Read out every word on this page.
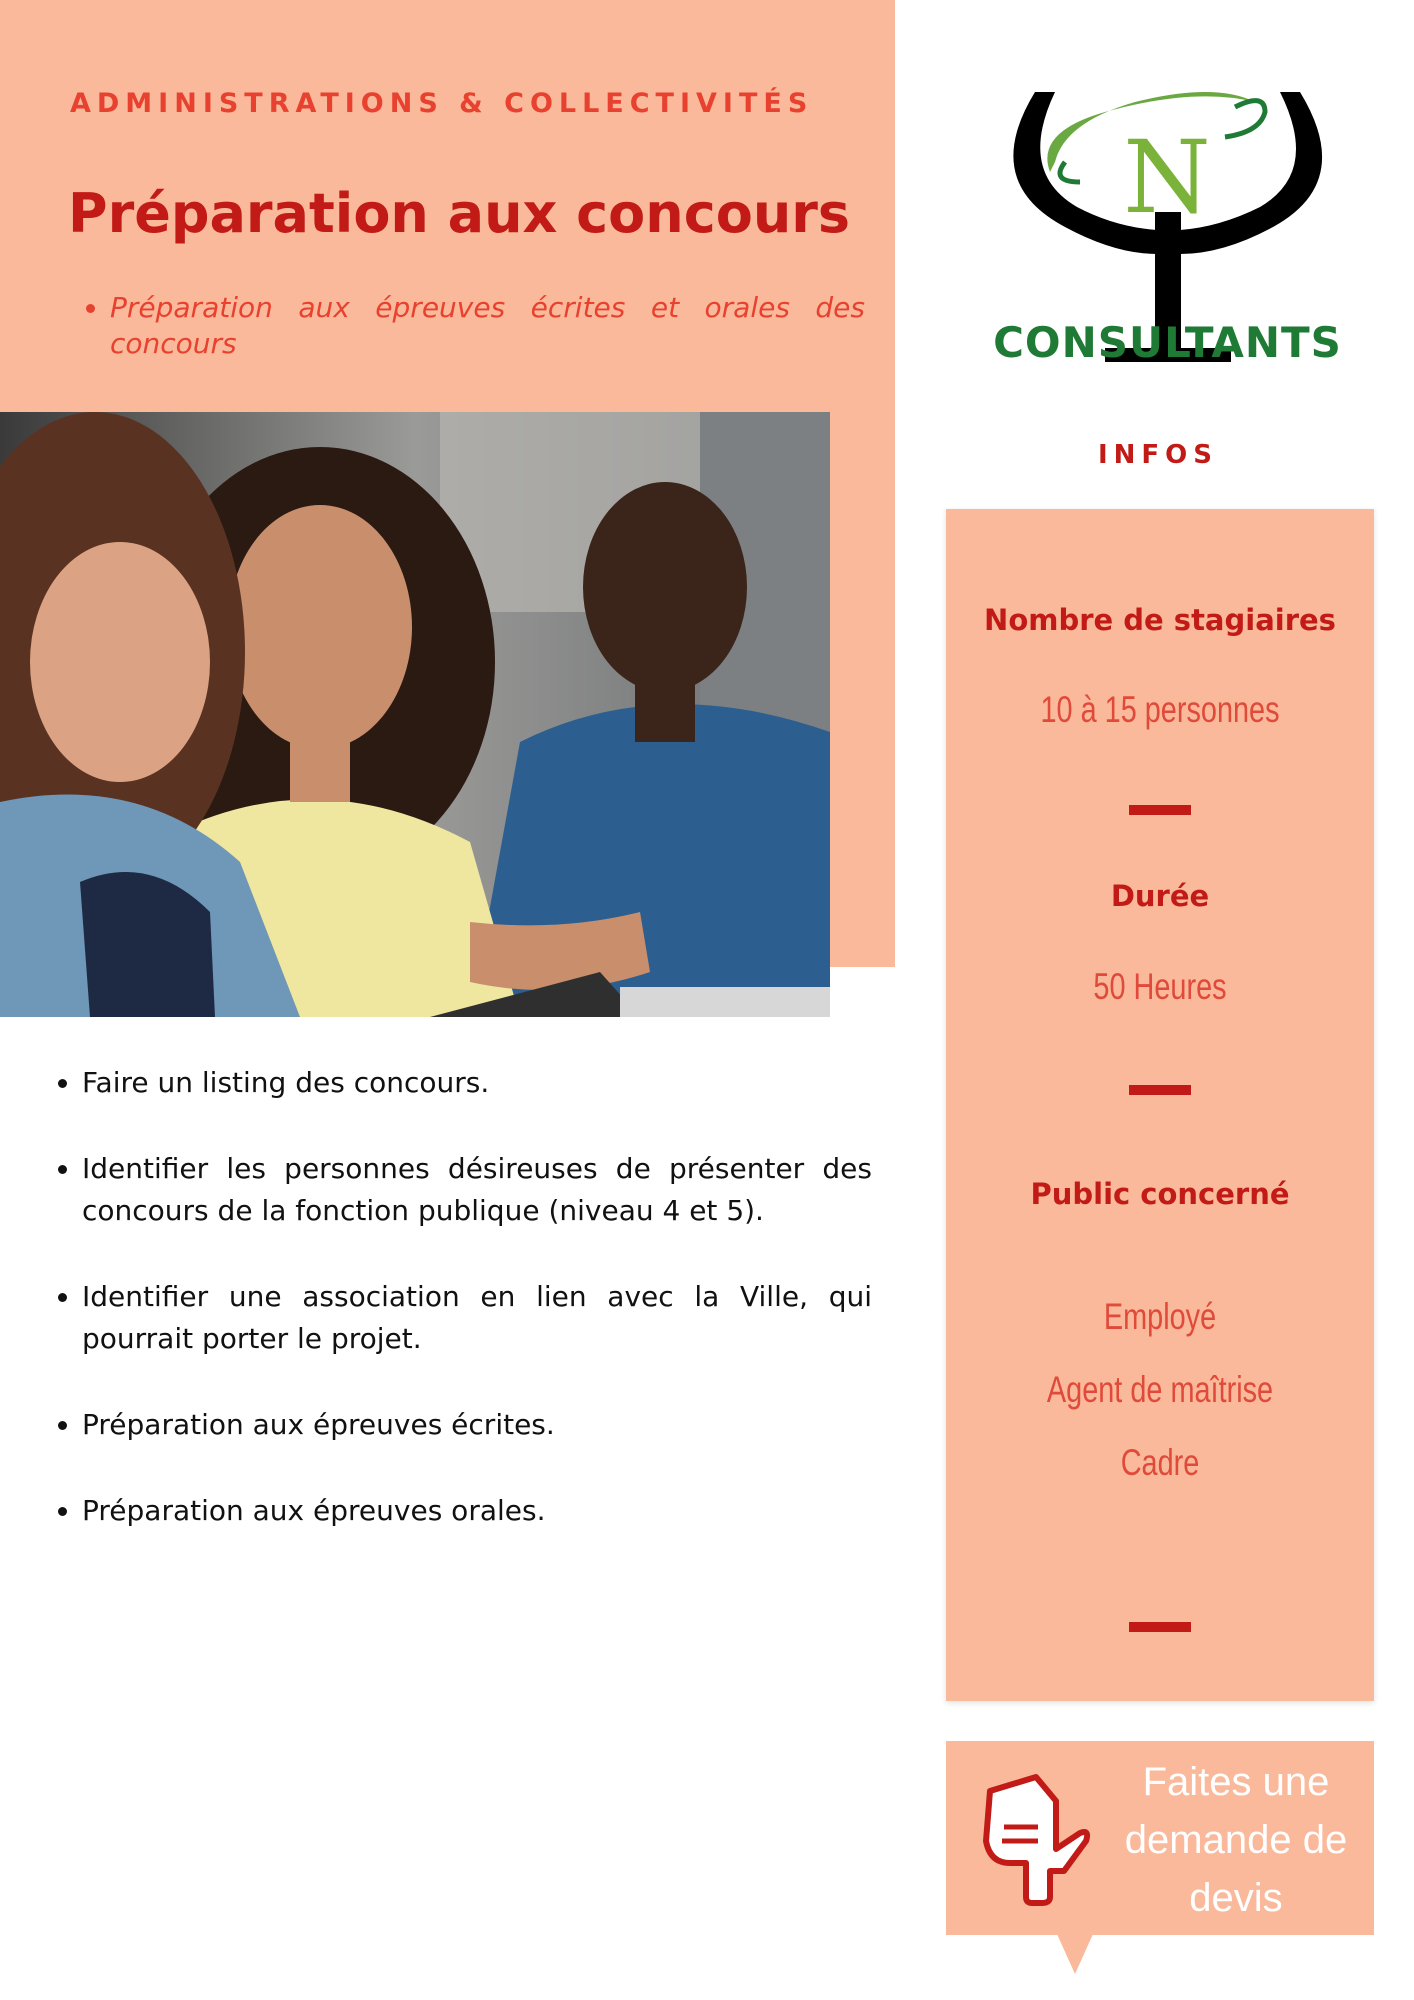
ADMINISTRATIONS & COLLECTIVITÉS
Préparation aux concours
• Préparation aux épreuves écrites et orales des concours
• Faire un listing des concours.
• Identifier les personnes désireuses de présenter des concours de la fonction publique (niveau 4 et 5).
• Identifier une association en lien avec la Ville, qui pourrait porter le projet.
• Préparation aux épreuves écrites.
• Préparation aux épreuves orales.
N
CONSULTANTS
INFOS
Nombre de stagiaires
10 à 15 personnes
Durée
50 Heures
Public concerné
Employé
Agent de maîtrise
Cadre
Faites une
demande de
devis
